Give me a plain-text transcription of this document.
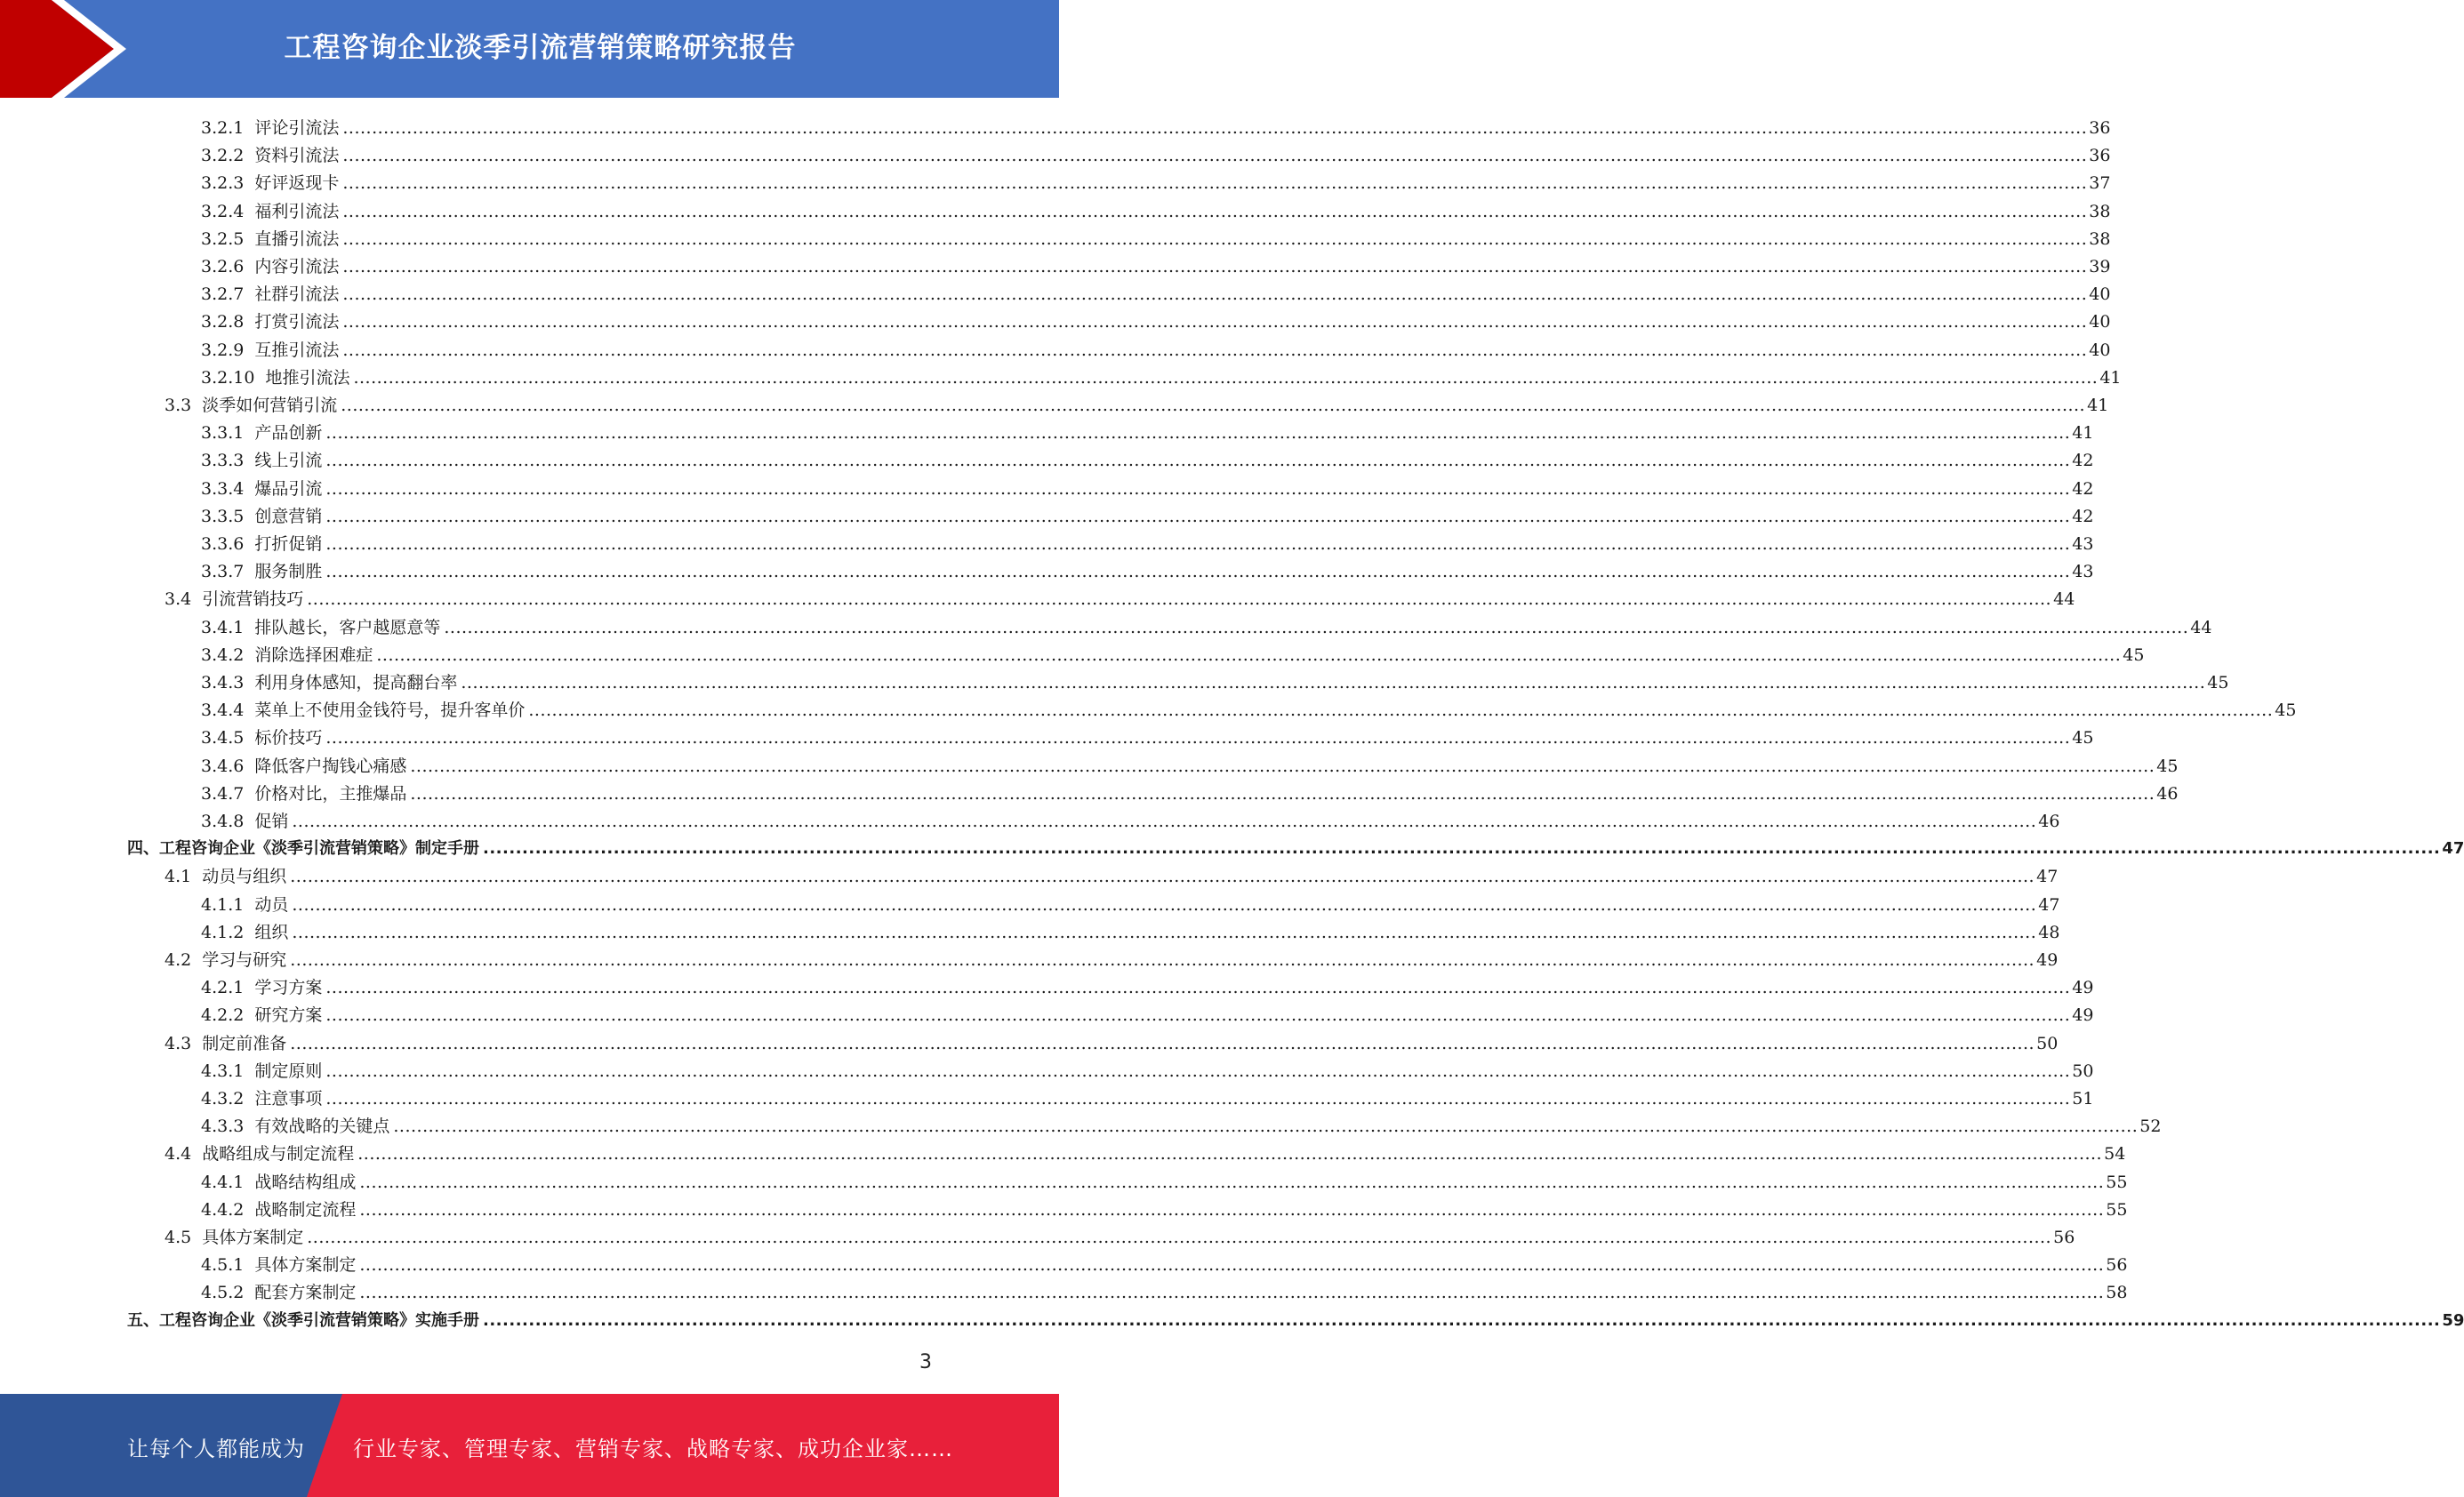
工程咨询企业淡季引流营销策略研究报告
3.2.1 评论引流法 ............................................................................................................................................................................................................................................................................................................ 36
3.2.2 资料引流法 ............................................................................................................................................................................................................................................................................................................ 36
3.2.3 好评返现卡 ............................................................................................................................................................................................................................................................................................................ 37
3.2.4 福利引流法 ............................................................................................................................................................................................................................................................................................................ 38
3.2.5 直播引流法 ............................................................................................................................................................................................................................................................................................................ 38
3.2.6 内容引流法 ............................................................................................................................................................................................................................................................................................................ 39
3.2.7 社群引流法 ............................................................................................................................................................................................................................................................................................................ 40
3.2.8 打赏引流法 ............................................................................................................................................................................................................................................................................................................ 40
3.2.9 互推引流法 ............................................................................................................................................................................................................................................................................................................ 40
3.2.10 地推引流法 ............................................................................................................................................................................................................................................................................................................ 41
3.3 淡季如何营销引流 ............................................................................................................................................................................................................................................................................................................ 41
3.3.1 产品创新 ............................................................................................................................................................................................................................................................................................................ 41
3.3.3 线上引流 ............................................................................................................................................................................................................................................................................................................ 42
3.3.4 爆品引流 ............................................................................................................................................................................................................................................................................................................ 42
3.3.5 创意营销 ............................................................................................................................................................................................................................................................................................................ 42
3.3.6 打折促销 ............................................................................................................................................................................................................................................................................................................ 43
3.3.7 服务制胜 ............................................................................................................................................................................................................................................................................................................ 43
3.4 引流营销技巧 ............................................................................................................................................................................................................................................................................................................ 44
3.4.1 排队越长，客户越愿意等 ............................................................................................................................................................................................................................................................................................................ 44
3.4.2 消除选择困难症 ............................................................................................................................................................................................................................................................................................................ 45
3.4.3 利用身体感知，提高翻台率 ............................................................................................................................................................................................................................................................................................................ 45
3.4.4 菜单上不使用金钱符号，提升客单价 ............................................................................................................................................................................................................................................................................................................ 45
3.4.5 标价技巧 ............................................................................................................................................................................................................................................................................................................ 45
3.4.6 降低客户掏钱心痛感 ............................................................................................................................................................................................................................................................................................................ 45
3.4.7 价格对比，主推爆品 ............................................................................................................................................................................................................................................................................................................ 46
3.4.8 促销 ............................................................................................................................................................................................................................................................................................................ 46
四、工程咨询企业《淡季引流营销策略》制定手册 ............................................................................................................................................................................................................................................................................................................ 47
4.1 动员与组织 ............................................................................................................................................................................................................................................................................................................ 47
4.1.1 动员 ............................................................................................................................................................................................................................................................................................................ 47
4.1.2 组织 ............................................................................................................................................................................................................................................................................................................ 48
4.2 学习与研究 ............................................................................................................................................................................................................................................................................................................ 49
4.2.1 学习方案 ............................................................................................................................................................................................................................................................................................................ 49
4.2.2 研究方案 ............................................................................................................................................................................................................................................................................................................ 49
4.3 制定前准备 ............................................................................................................................................................................................................................................................................................................ 50
4.3.1 制定原则 ............................................................................................................................................................................................................................................................................................................ 50
4.3.2 注意事项 ............................................................................................................................................................................................................................................................................................................ 51
4.3.3 有效战略的关键点 ............................................................................................................................................................................................................................................................................................................ 52
4.4 战略组成与制定流程 ............................................................................................................................................................................................................................................................................................................ 54
4.4.1 战略结构组成 ............................................................................................................................................................................................................................................................................................................ 55
4.4.2 战略制定流程 ............................................................................................................................................................................................................................................................................................................ 55
4.5 具体方案制定 ............................................................................................................................................................................................................................................................................................................ 56
4.5.1 具体方案制定 ............................................................................................................................................................................................................................................................................................................ 56
4.5.2 配套方案制定 ............................................................................................................................................................................................................................................................................................................ 58
五、工程咨询企业《淡季引流营销策略》实施手册 ............................................................................................................................................................................................................................................................................................................ 59
3
让每个人都能成为 行业专家、管理专家、营销专家、战略专家、成功企业家……
